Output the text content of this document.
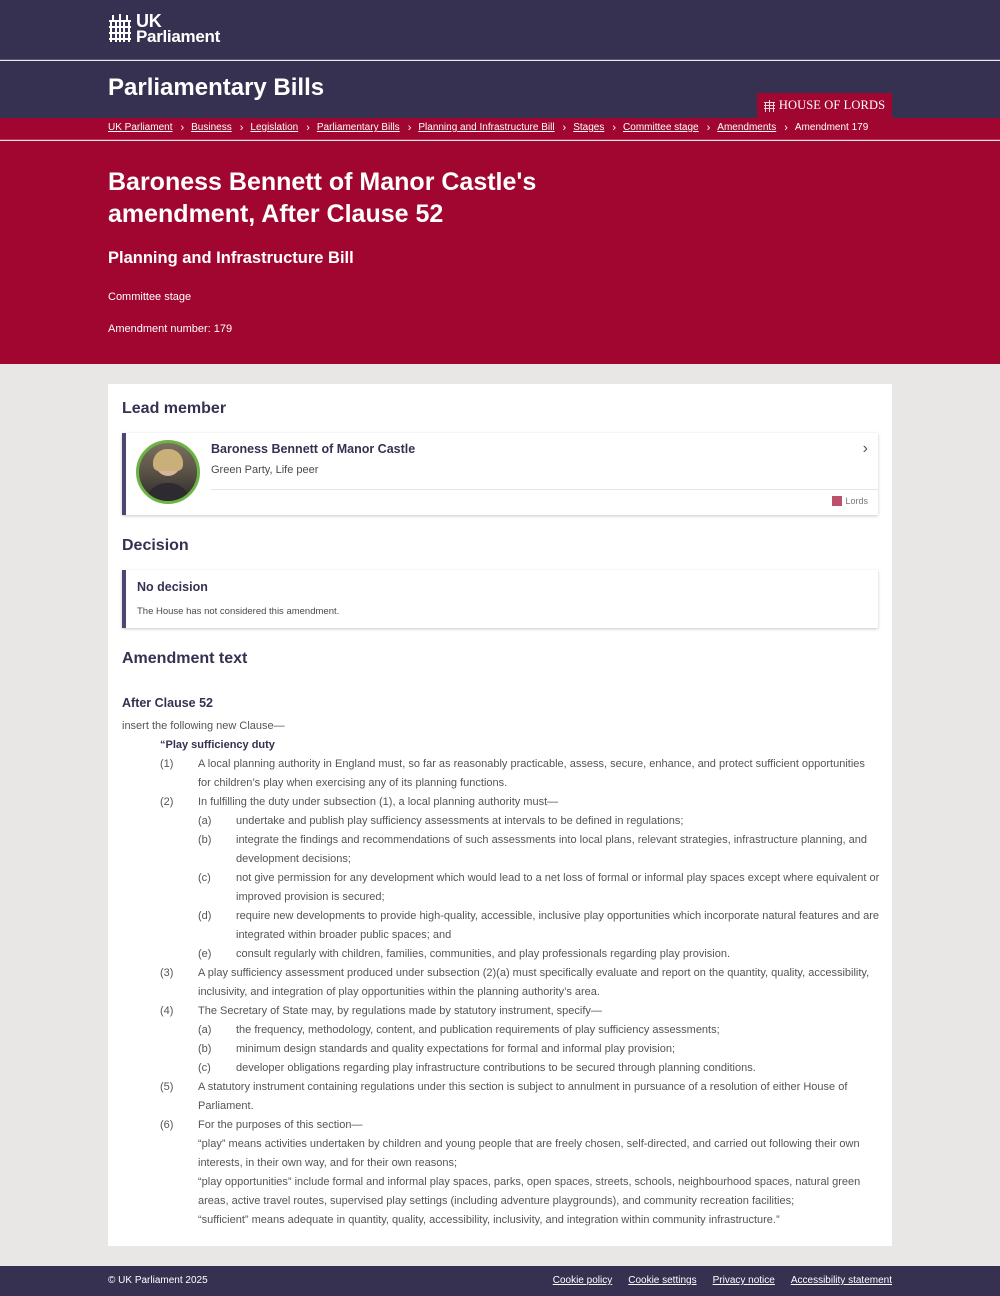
UK
Parliament
Parliamentary Bills
HOUSE OF LORDS
UK Parliament › Business › Legislation › Parliamentary Bills › Planning and Infrastructure Bill › Stages › Committee stage › Amendments › Amendment 179
Baroness Bennett of Manor Castle's amendment, After Clause 52
Planning and Infrastructure Bill
Committee stage
Amendment number: 179
Lead member
Baroness Bennett of Manor Castle
Green Party, Life peer
›
Lords
Decision
No decision
The House has not considered this amendment.
Amendment text
After Clause 52
insert the following new Clause—
“Play sufficiency duty
(1)	A local planning authority in England must, so far as reasonably practicable, assess, secure, enhance, and protect sufficient opportunities for children’s play when exercising any of its planning functions.
(2)	In fulfilling the duty under subsection (1), a local planning authority must—
(a)	undertake and publish play sufficiency assessments at intervals to be defined in regulations;
(b)	integrate the findings and recommendations of such assessments into local plans, relevant strategies, infrastructure planning, and development decisions;
(c)	not give permission for any development which would lead to a net loss of formal or informal play spaces except where equivalent or improved provision is secured;
(d)	require new developments to provide high-quality, accessible, inclusive play opportunities which incorporate natural features and are integrated within broader public spaces; and
(e)	consult regularly with children, families, communities, and play professionals regarding play provision.
(3)	A play sufficiency assessment produced under subsection (2)(a) must specifically evaluate and report on the quantity, quality, accessibility, inclusivity, and integration of play opportunities within the planning authority’s area.
(4)	The Secretary of State may, by regulations made by statutory instrument, specify—
(a)	the frequency, methodology, content, and publication requirements of play sufficiency assessments;
(b)	minimum design standards and quality expectations for formal and informal play provision;
(c)	developer obligations regarding play infrastructure contributions to be secured through planning conditions.
(5)	A statutory instrument containing regulations under this section is subject to annulment in pursuance of a resolution of either House of Parliament.
(6)	For the purposes of this section—
“play” means activities undertaken by children and young people that are freely chosen, self-directed, and carried out following their own interests, in their own way, and for their own reasons;
“play opportunities” include formal and informal play spaces, parks, open spaces, streets, schools, neighbourhood spaces, natural green areas, active travel routes, supervised play settings (including adventure playgrounds), and community recreation facilities;
“sufficient” means adequate in quantity, quality, accessibility, inclusivity, and integration within community infrastructure.”
© UK Parliament 2025	Cookie policy Cookie settings Privacy notice Accessibility statement
